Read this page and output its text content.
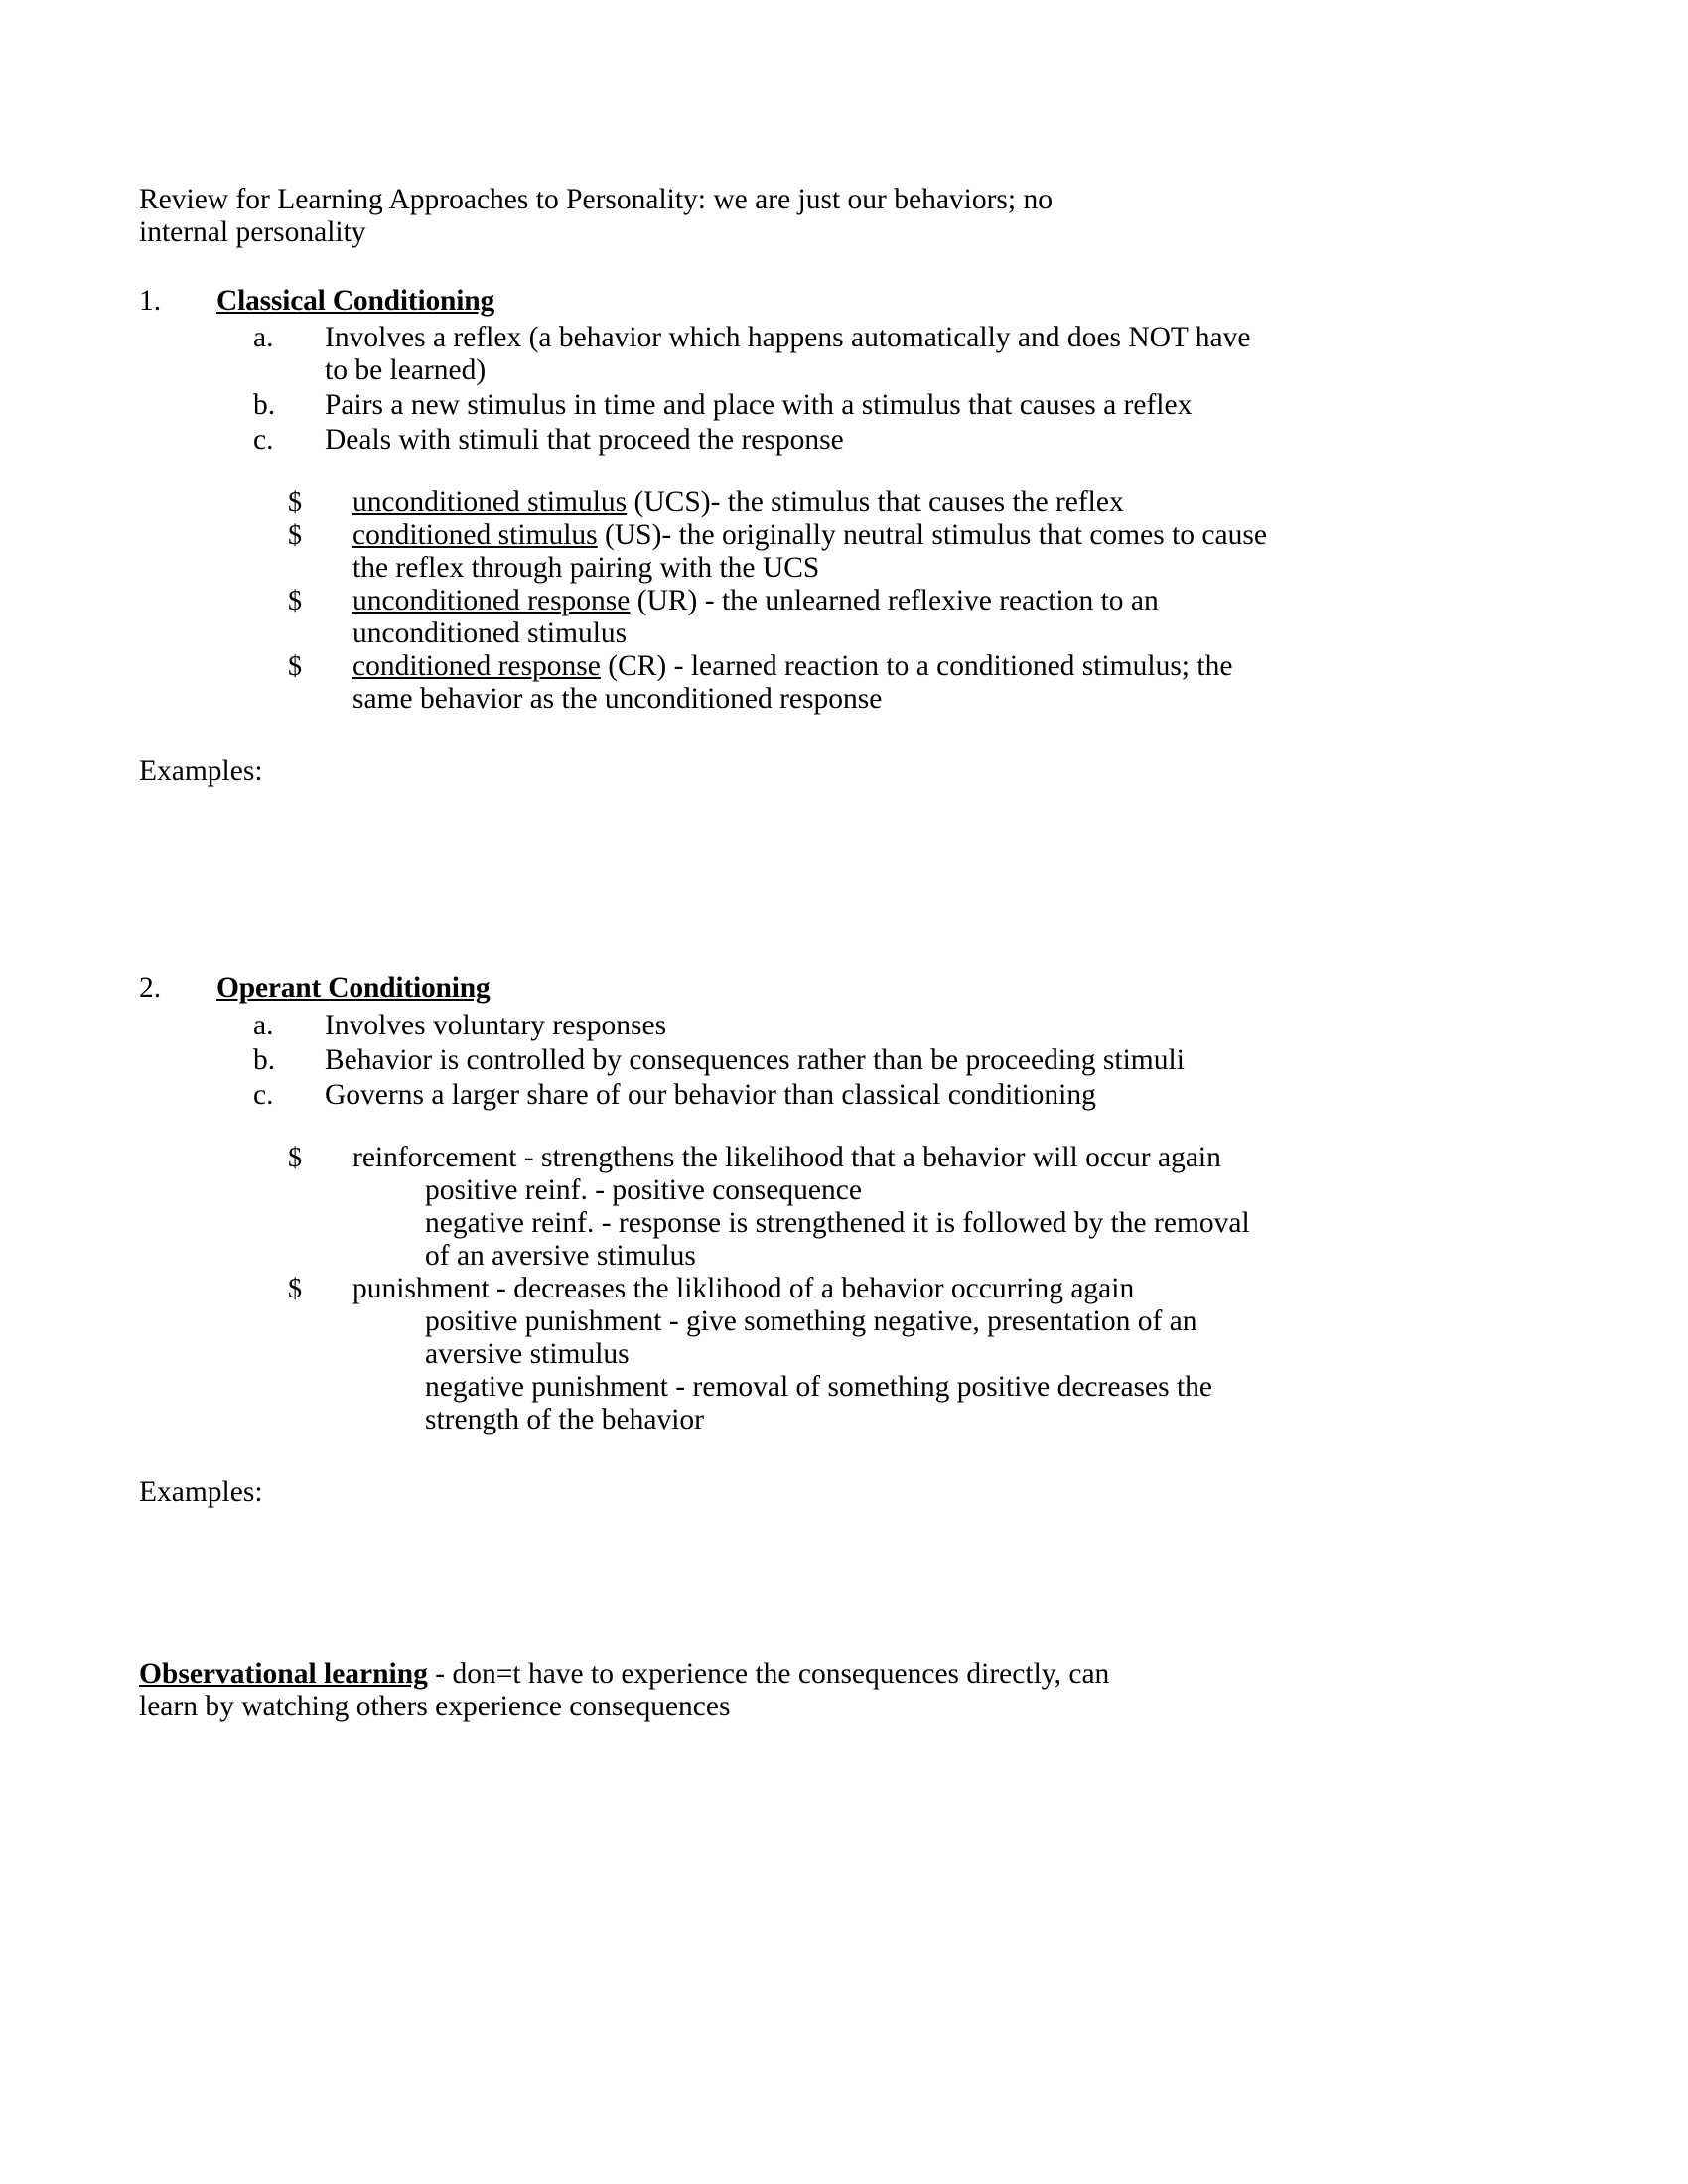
Review for Learning Approaches to Personality: we are just our behaviors; no internal personality

1.	Classical Conditioning
a.	Involves a reflex (a behavior which happens automatically and does NOT have to be learned)
b.	Pairs a new stimulus in time and place with a stimulus that causes a reflex
c.	Deals with stimuli that proceed the response
$	unconditioned stimulus (UCS)- the stimulus that causes the reflex
$	conditioned stimulus (US)- the originally neutral stimulus that comes to cause the reflex through pairing with the UCS
$	unconditioned response (UR) - the unlearned reflexive reaction to an unconditioned stimulus
$	conditioned response (CR) - learned reaction to a conditioned stimulus; the same behavior as the unconditioned response

Examples:

2.	Operant Conditioning
a.	Involves voluntary responses
b.	Behavior is controlled by consequences rather than be proceeding stimuli
c.	Governs a larger share of our behavior than classical conditioning
$	reinforcement - strengthens the likelihood that a behavior will occur again
positive reinf. - positive consequence
negative reinf. - response is strengthened it is followed by the removal of an aversive stimulus
$	punishment - decreases the liklihood of a behavior occurring again
positive punishment - give something negative, presentation of an aversive stimulus
negative punishment - removal of something positive decreases the strength of the behavior

Examples:

Observational learning - don=t have to experience the consequences directly, can learn by watching others experience consequences
